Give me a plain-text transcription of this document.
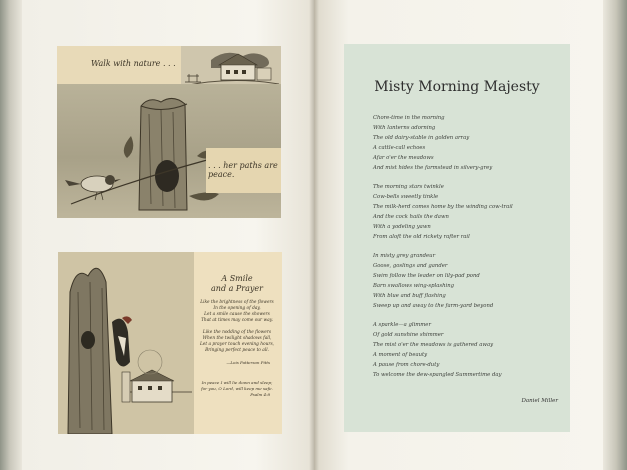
Walk with nature . . .
. . . her paths are peace.
A Smile
and a Prayer
Like the brightness of the flowers
In the opening of day,
Let a smile cause the showers
That at times may come our way.
Like the nodding of the flowers
When the twilight shadows fall,
Let a prayer touch evening hours,
Bringing perfect peace to all.
—Lois Patterson Pitts
In peace I will lie down and sleep;
for you, O Lord, will keep me safe.
Psalm 4:8
Misty Morning Majesty
Chore-time in the morning
With lanterns adorning
The old dairy-stable in golden array
A cattle-call echoes
Afar o'er the meadows
And mist hides the farmstead in silvery-grey
The morning stars twinkle
Cow-bells sweetly tinkle
The milk-herd comes home by the winding cow-trail
And the cock hails the dawn
With a yodeling yawn
From aloft the old rickety rafter rail
In misty grey grandeur
Goose, goslings and gander
Swim follow the leader on lily-pad pond
Barn swallows wing-splashing
With blue and buff flashing
Sweep up and away to the farm-yard beyond
A sparkle—a glimmer
Of gold sunshine shimmer
The mist o'er the meadows is gathered away
A moment of beauty
A pause from chore-duty
To welcome the dew-spangled Summertime day
Daniel Miller
